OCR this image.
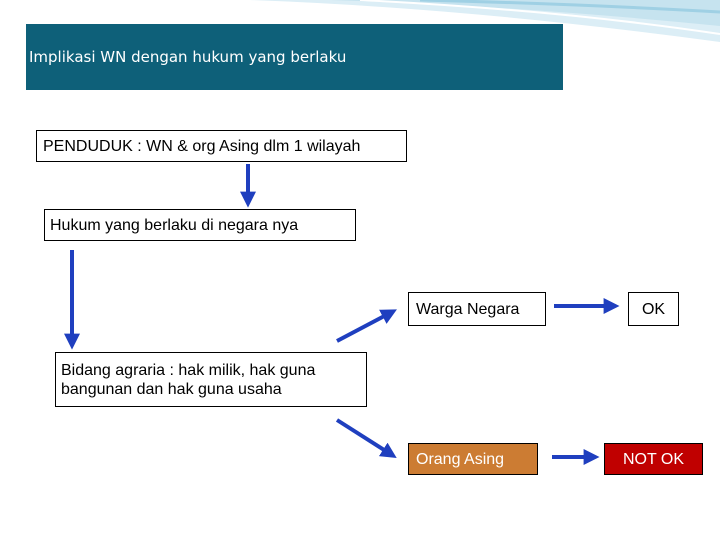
Implikasi WN dengan hukum yang berlaku
PENDUDUK : WN & org Asing dlm 1 wilayah
Hukum yang berlaku di negara nya
Bidang agraria : hak milik, hak guna bangunan dan hak guna usaha
Warga Negara	OK
Orang Asing	NOT OK
